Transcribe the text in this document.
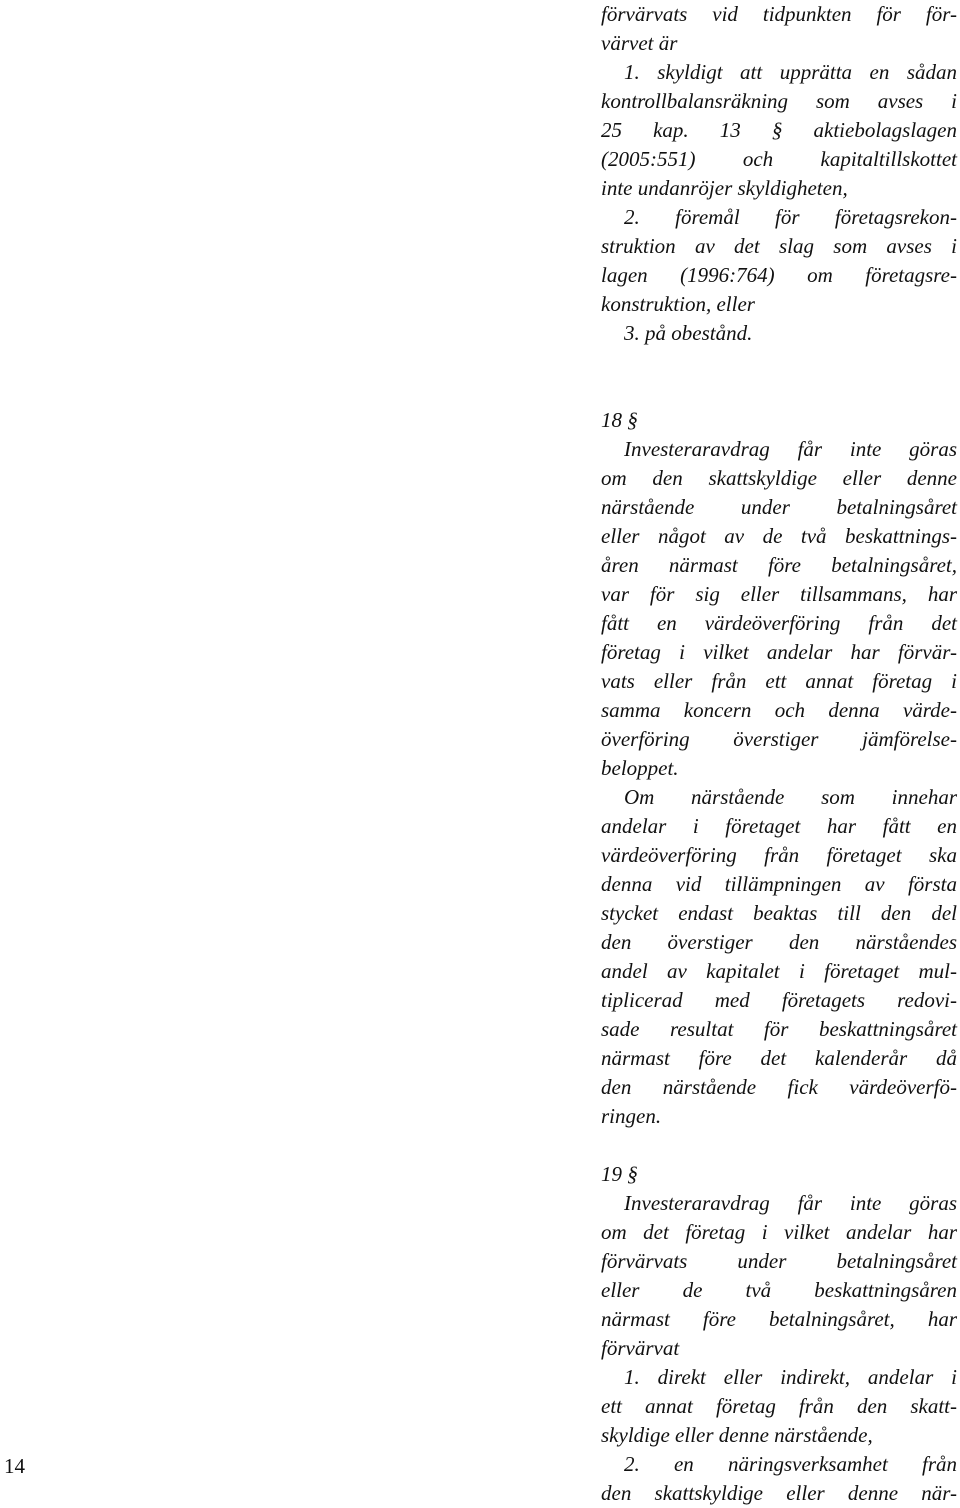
14
förvärvats vid tidpunkten för för-
värvet är
1. skyldigt att upprätta en sådan
kontrollbalansräkning som avses i
25 kap. 13 § aktiebolagslagen
(2005:551) och kapitaltillskottet
inte undanröjer skyldigheten,
2. föremål för företagsrekon-
struktion av det slag som avses i
lagen (1996:764) om företagsre-
konstruktion, eller
3. på obestånd.
18 §
Investeraravdrag får inte göras
om den skattskyldige eller denne
närstående under betalningsåret
eller något av de två beskattnings-
åren närmast före betalningsåret,
var för sig eller tillsammans, har
fått en värdeöverföring från det
företag i vilket andelar har förvär-
vats eller från ett annat företag i
samma koncern och denna värde-
överföring överstiger jämförelse-
beloppet.
Om närstående som innehar
andelar i företaget har fått en
värdeöverföring från företaget ska
denna vid tillämpningen av första
stycket endast beaktas till den del
den överstiger den närståendes
andel av kapitalet i företaget mul-
tiplicerad med företagets redovi-
sade resultat för beskattningsåret
närmast före det kalenderår då
den närstående fick värdeöverfö-
ringen.
19 §
Investeraravdrag får inte göras
om det företag i vilket andelar har
förvärvats under betalningsåret
eller de två beskattningsåren
närmast före betalningsåret, har
förvärvat
1. direkt eller indirekt, andelar i
ett annat företag från den skatt-
skyldige eller denne närstående,
2. en näringsverksamhet från
den skattskyldige eller denne när-
